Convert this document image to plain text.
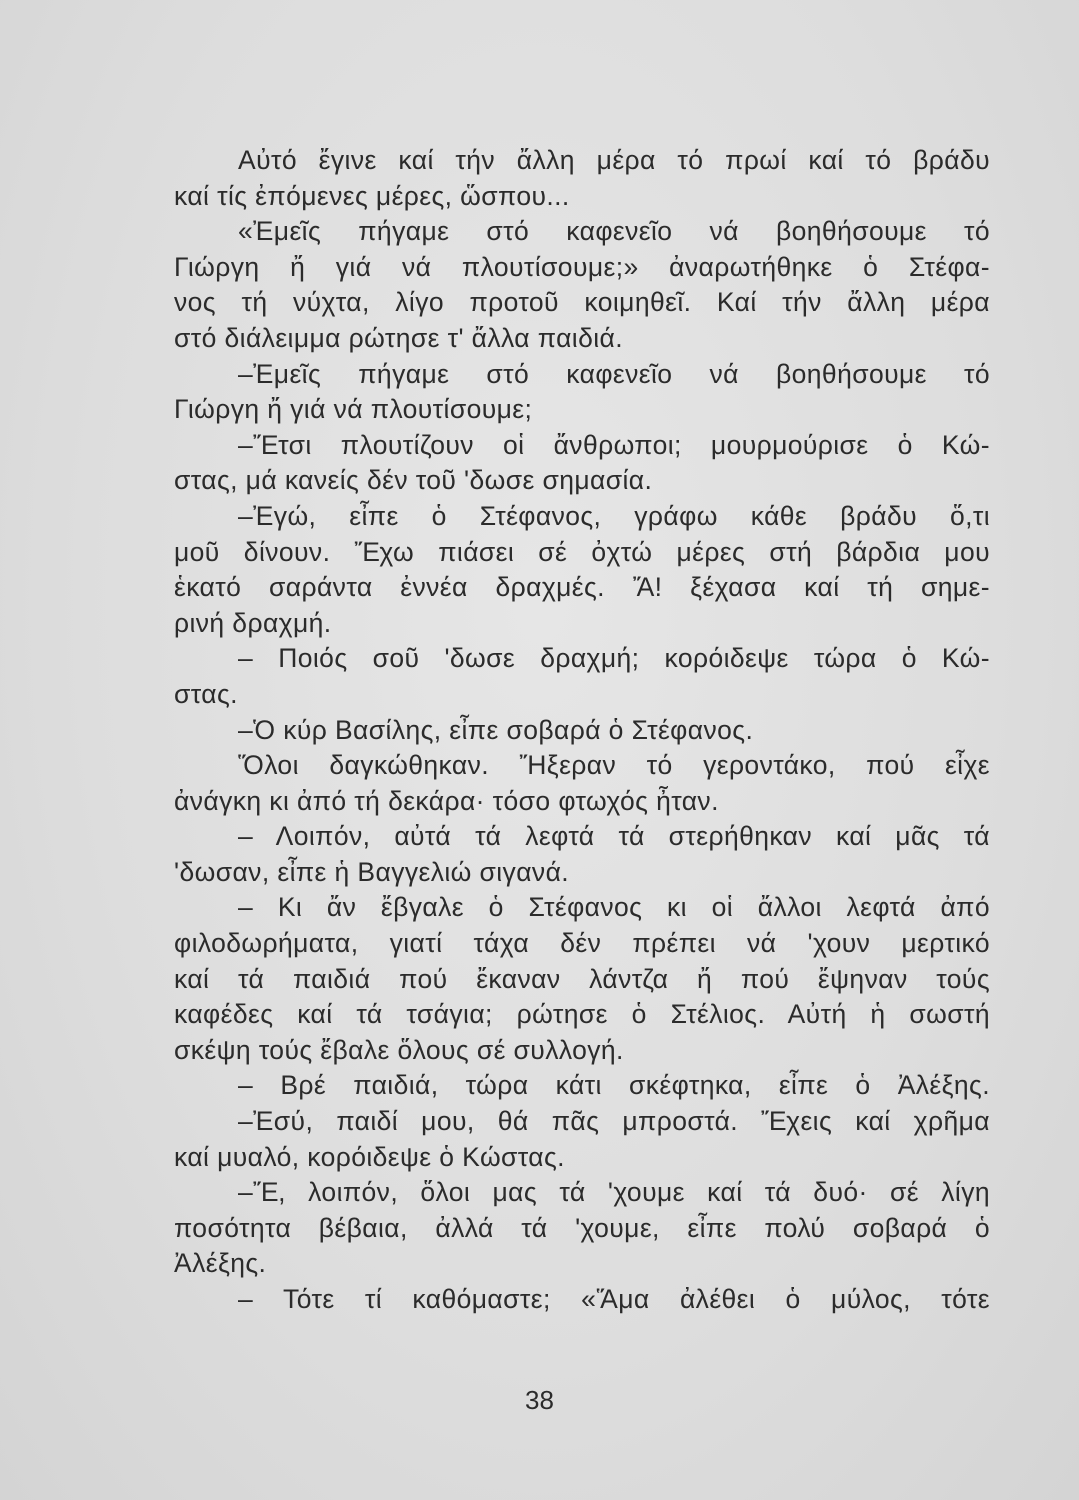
Αὐτό ἔγινε καί τήν ἄλλη μέρα τό πρωί καί τό βράδυ
καί τίς ἐπόμενες μέρες, ὥσπου...
«Ἐμεῖς πήγαμε στό καφενεῖο νά βοηθήσουμε τό
Γιώργη ἤ γιά νά πλουτίσουμε;» ἀναρωτήθηκε ὁ Στέφα-
νος τή νύχτα, λίγο προτοῦ κοιμηθεῖ. Καί τήν ἄλλη μέρα
στό διάλειμμα ρώτησε τ' ἄλλα παιδιά.
–Ἐμεῖς πήγαμε στό καφενεῖο νά βοηθήσουμε τό
Γιώργη ἤ γιά νά πλουτίσουμε;
–Ἔτσι πλουτίζουν οἱ ἄνθρωποι; μουρμούρισε ὁ Κώ-
στας, μά κανείς δέν τοῦ 'δωσε σημασία.
–Ἐγώ, εἶπε ὁ Στέφανος, γράφω κάθε βράδυ ὅ,τι
μοῦ δίνουν. Ἔχω πιάσει σέ ὀχτώ μέρες στή βάρδια μου
ἑκατό σαράντα ἐννέα δραχμές. Ἄ! ξέχασα καί τή σημε-
ρινή δραχμή.
– Ποιός σοῦ 'δωσε δραχμή; κορόιδεψε τώρα ὁ Κώ-
στας.
–Ὁ κύρ Βασίλης, εἶπε σοβαρά ὁ Στέφανος.
Ὅλοι δαγκώθηκαν. Ἤξεραν τό γεροντάκο, πού εἶχε
ἀνάγκη κι ἀπό τή δεκάρα· τόσο φτωχός ἦταν.
– Λοιπόν, αὐτά τά λεφτά τά στερήθηκαν καί μᾶς τά
'δωσαν, εἶπε ἡ Βαγγελιώ σιγανά.
– Κι ἄν ἔβγαλε ὁ Στέφανος κι οἱ ἄλλοι λεφτά ἀπό
φιλοδωρήματα, γιατί τάχα δέν πρέπει νά 'χουν μερτικό
καί τά παιδιά πού ἔκαναν λάντζα ἤ πού ἔψηναν τούς
καφέδες καί τά τσάγια; ρώτησε ὁ Στέλιος. Αὐτή ἡ σωστή
σκέψη τούς ἔβαλε ὅλους σέ συλλογή.
– Βρέ παιδιά, τώρα κάτι σκέφτηκα, εἶπε ὁ Ἀλέξης.
–Ἐσύ, παιδί μου, θά πᾶς μπροστά. Ἔχεις καί χρῆμα
καί μυαλό, κορόιδεψε ὁ Κώστας.
–Ἔ, λοιπόν, ὅλοι μας τά 'χουμε καί τά δυό· σέ λίγη
ποσότητα βέβαια, ἀλλά τά 'χουμε, εἶπε πολύ σοβαρά ὁ
Ἀλέξης.
– Τότε τί καθόμαστε; «Ἅμα ἀλέθει ὁ μύλος, τότε
38
